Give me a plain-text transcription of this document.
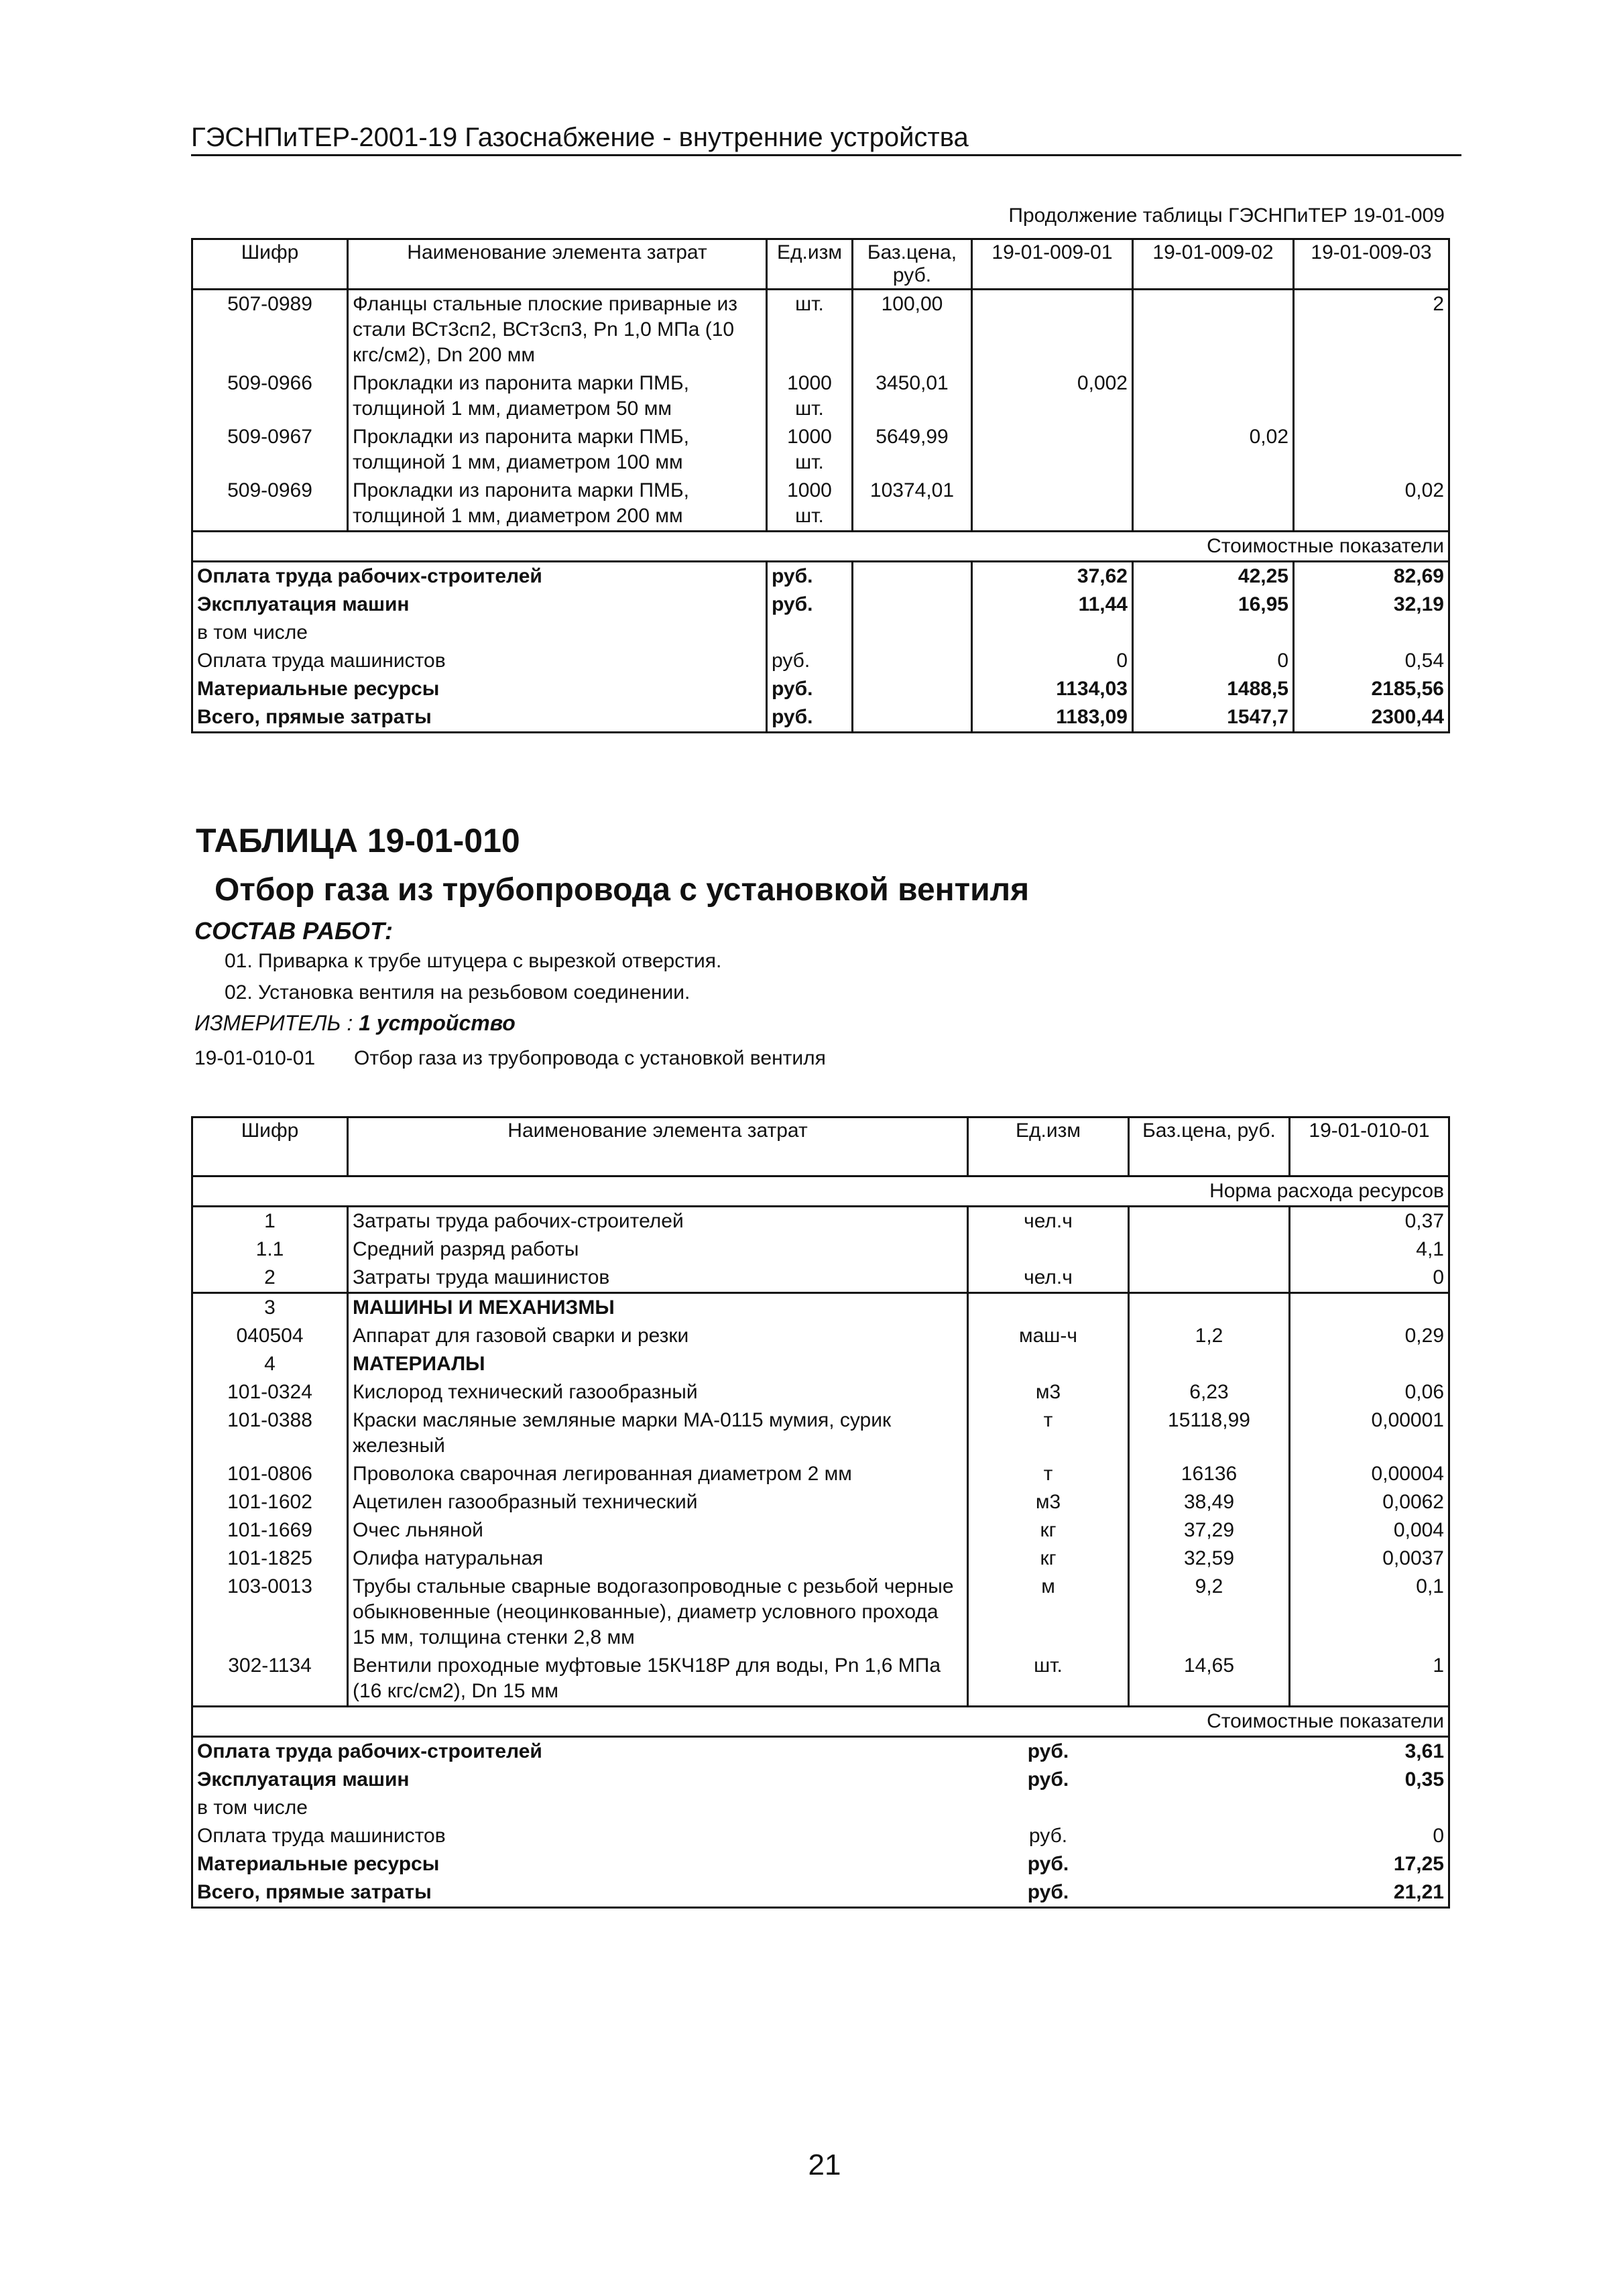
ГЭСНПиТЕР-2001-19 Газоснабжение - внутренние устройства
Продолжение таблицы ГЭСНПиТЕР 19-01-009
Шифр	Наименование элемента затрат	Ед.изм	Баз.цена, руб.	19-01-009-01	19-01-009-02	19-01-009-03
507-0989	Фланцы стальные плоские приварные из стали ВСт3сп2, ВСт3сп3, Рn 1,0 МПа (10 кгс/см2), Dn 200 мм	шт.	100,00			2
509-0966	Прокладки из паронита марки ПМБ, толщиной 1 мм, диаметром 50 мм	1000 шт.	3450,01	0,002		
509-0967	Прокладки из паронита марки ПМБ, толщиной 1 мм, диаметром 100 мм	1000 шт.	5649,99		0,02	
509-0969	Прокладки из паронита марки ПМБ, толщиной 1 мм, диаметром 200 мм	1000 шт.	10374,01			0,02
Стоимостные показатели						
Оплата труда рабочих-строителей		руб.		37,62	42,25	82,69
Эксплуатация машин		руб.		11,44	16,95	32,19
в том числе						
Оплата труда машинистов		руб.		0	0	0,54
Материальные ресурсы		руб.		1134,03	1488,5	2185,56
Всего, прямые затраты		руб.		1183,09	1547,7	2300,44
ТАБЛИЦА 19-01-010
Отбор газа из трубопровода с установкой вентиля
СОСТАВ РАБОТ:
01. Приварка к трубе штуцера с вырезкой отверстия.
02. Установка вентиля на резьбовом соединении.
ИЗМЕРИТЕЛЬ : 1 устройство
19-01-010-01 Отбор газа из трубопровода с установкой вентиля
Шифр	Наименование элемента затрат	Ед.изм	Баз.цена, руб.	19-01-010-01
Норма расхода ресурсов				
1	Затраты труда рабочих-строителей	чел.ч		0,37
1.1	Средний разряд работы			4,1
2	Затраты труда машинистов	чел.ч		0
3	МАШИНЫ И МЕХАНИЗМЫ			
040504	Аппарат для газовой сварки и резки	маш-ч	1,2	0,29
4	МАТЕРИАЛЫ			
101-0324	Кислород технический газообразный	м3	6,23	0,06
101-0388	Краски масляные земляные марки МА-0115 мумия, сурик железный	т	15118,99	0,00001
101-0806	Проволока сварочная легированная диаметром 2 мм	т	16136	0,00004
101-1602	Ацетилен газообразный технический	м3	38,49	0,0062
101-1669	Очес льняной	кг	37,29	0,004
101-1825	Олифа натуральная	кг	32,59	0,0037
103-0013	Трубы стальные сварные водогазопроводные с резьбой черные обыкновенные (неоцинкованные), диаметр условного прохода 15 мм, толщина стенки 2,8 мм	м	9,2	0,1
302-1134	Вентили проходные муфтовые 15КЧ18Р для воды, Рn 1,6 МПа (16 кгс/см2), Dn 15 мм	шт.	14,65	1
Стоимостные показатели				
Оплата труда рабочих-строителей		руб.		3,61
Эксплуатация машин		руб.		0,35
в том числе				
Оплата труда машинистов		руб.		0
Материальные ресурсы		руб.		17,25
Всего, прямые затраты		руб.		21,21
21
